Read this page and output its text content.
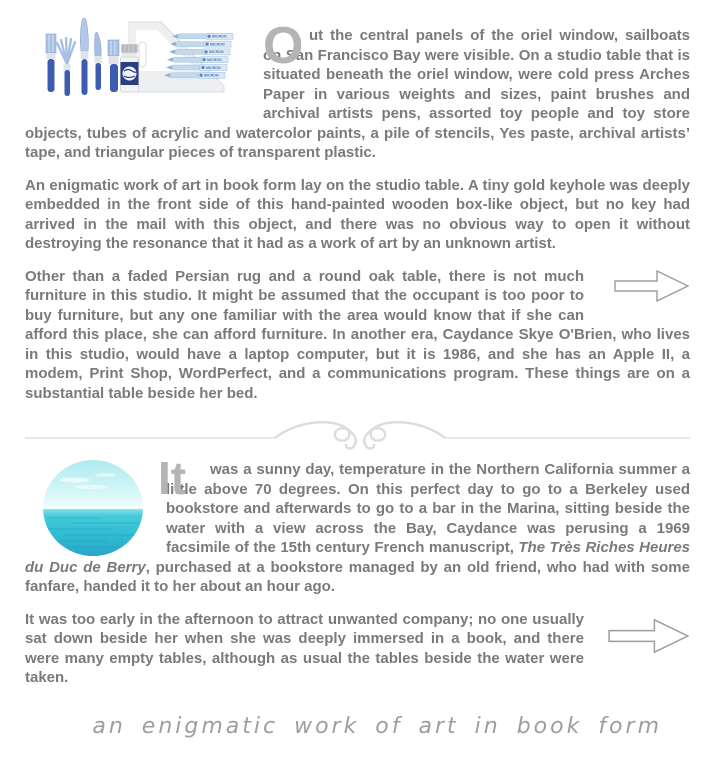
MICRON
MICRON
MICRON
MICRON
MICRON
MICRON

O ut the central panels of the oriel window, sailboats on San Francisco Bay were visible. On a studio table that is situated beneath the oriel window, were cold press Arches Paper in various weights and sizes, paint brushes and archival artists pens, assorted toy people and toy store objects, tubes of acrylic and watercolor paints, a pile of stencils, Yes paste, archival artists’ tape, and triangular pieces of transparent plastic.

An enigmatic work of art in book form lay on the studio table. A tiny gold keyhole was deeply embedded in the front side of this hand-painted wooden box-like object, but no key had arrived in the mail with this object, and there was no obvious way to open it without destroying the resonance that it had as a work of art by an unknown artist.

Other than a faded Persian rug and a round oak table, there is not much furniture in this studio. It might be assumed that the occupant is too poor to buy furniture, but any one familiar with the area would know that if she can afford this place, she can afford furniture. In another era, Caydance Skye O'Brien, who lives in this studio, would have a laptop computer, but it is 1986, and she has an Apple II, a modem, Print Shop, WordPerfect, and a communications program. These things are on a substantial table beside her bed.

It was a sunny day, temperature in the Northern California summer a little above 70 degrees. On this perfect day to go to a Berkeley used bookstore and afterwards to go to a bar in the Marina, sitting beside the water with a view across the Bay, Caydance was perusing a 1969 facsimile of the 15th century French manuscript, The Très Riches Heures du Duc de Berry, purchased at a bookstore managed by an old friend, who had with some fanfare, handed it to her about an hour ago.

It was too early in the afternoon to attract unwanted company; no one usually sat down beside her when she was deeply immersed in a book, and there were many empty tables, although as usual the tables beside the water were taken.

an enigmatic work of art in book form
